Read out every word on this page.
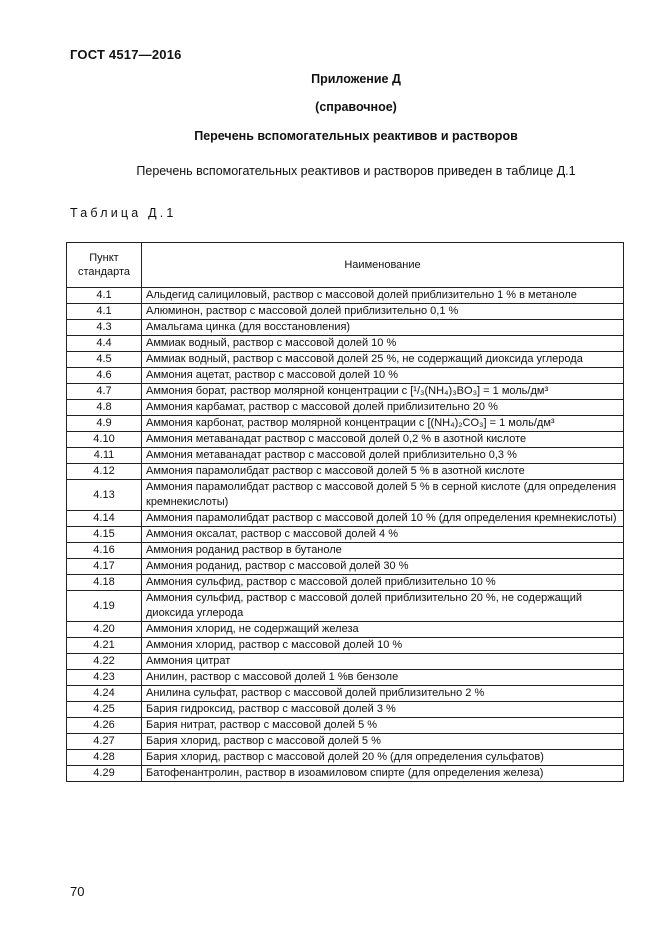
ГОСТ 4517—2016
Приложение Д
(справочное)
Перечень вспомогательных реактивов и растворов
Перечень вспомогательных реактивов и растворов приведен в таблице Д.1
Таблица Д.1
Пункт стандарта	Наименование
4.1	Альдегид салициловый, раствор с массовой долей приблизительно 1 % в метаноле
4.1	Алюминон, раствор с массовой долей приблизительно 0,1 %
4.3	Амальгама цинка (для восстановления)
4.4	Аммиак водный, раствор с массовой долей 10 %
4.5	Аммиак водный, раствор с массовой долей 25 %, не содержащий диоксида углерода
4.6	Аммония ацетат, раствор с массовой долей 10 %
4.7	Аммония борат, раствор молярной концентрации с [¹/₃(NH₄)₃BO₃] = 1 моль/дм³
4.8	Аммония карбамат, раствор с массовой долей приблизительно 20 %
4.9	Аммония карбонат, раствор молярной концентрации с [(NH₄)₂CO₃] = 1 моль/дм³
4.10	Аммония метаванадат раствор с массовой долей 0,2 % в азотной кислоте
4.11	Аммония метаванадат раствор с массовой долей приблизительно 0,3 %
4.12	Аммония парамолибдат раствор с массовой долей 5 % в азотной кислоте
4.13	Аммония парамолибдат раствор с массовой долей 5 % в серной кислоте (для определения кремнекислоты)
4.14	Аммония парамолибдат раствор с массовой долей 10 % (для определения кремнекислоты)
4.15	Аммония оксалат, раствор с массовой долей 4 %
4.16	Аммония роданид раствор в бутаноле
4.17	Аммония роданид, раствор с массовой долей 30 %
4.18	Аммония сульфид, раствор с массовой долей приблизительно 10 %
4.19	Аммония сульфид, раствор с массовой долей приблизительно 20 %, не содержащий диоксида углерода
4.20	Аммония хлорид, не содержащий железа
4.21	Аммония хлорид, раствор с массовой долей 10 %
4.22	Аммония цитрат
4.23	Анилин, раствор с массовой долей 1 %в бензоле
4.24	Анилина сульфат, раствор с массовой долей приблизительно 2 %
4.25	Бария гидроксид, раствор с массовой долей 3 %
4.26	Бария нитрат, раствор с массовой долей 5 %
4.27	Бария хлорид, раствор с массовой долей 5 %
4.28	Бария хлорид, раствор с массовой долей 20 % (для определения сульфатов)
4.29	Батофенантролин, раствор в изоамиловом спирте (для определения железа)
70
